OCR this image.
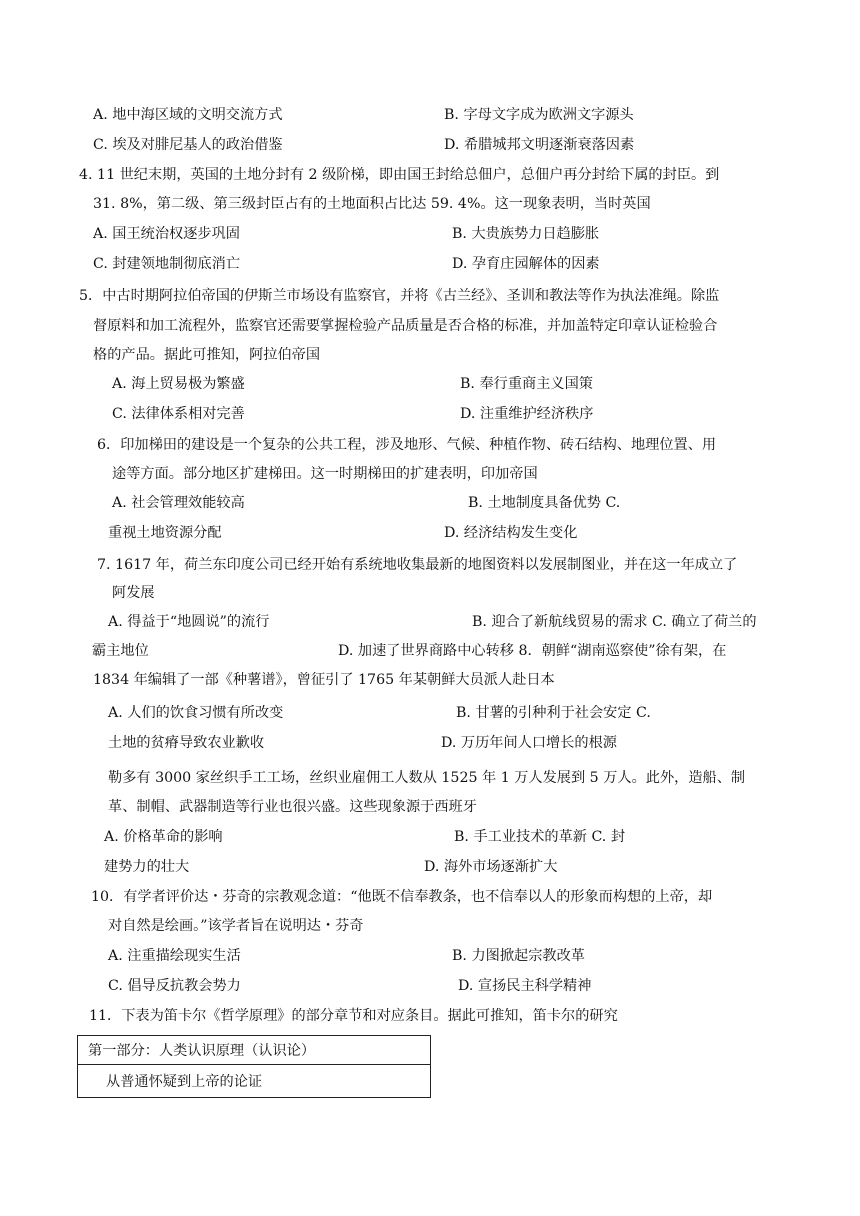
A. 地中海区域的文明交流方式	B. 字母文字成为欧洲文字源头
C. 埃及对腓尼基人的政治借鉴	D. 希腊城邦文明逐渐衰落因素
4. 11 世纪末期，英国的土地分封有 2 级阶梯，即由国王封给总佃户，总佃户再分封给下属的封臣。到
31. 8%，第二级、第三级封臣占有的土地面积占比达 59. 4%。这一现象表明，当时英国
A. 国王统治权逐步巩固	B. 大贵族势力日趋膨胀
C. 封建领地制彻底消亡	D. 孕育庄园解体的因素
5．中古时期阿拉伯帝国的伊斯兰市场设有监察官，并将《古兰经》、圣训和教法等作为执法准绳。除监
督原料和加工流程外，监察官还需要掌握检验产品质量是否合格的标准，并加盖特定印章认证检验合
格的产品。据此可推知，阿拉伯帝国
A. 海上贸易极为繁盛	B. 奉行重商主义国策
C. 法律体系相对完善	D. 注重维护经济秩序
6．印加梯田的建设是一个复杂的公共工程，涉及地形、气候、种植作物、砖石结构、地理位置、用
途等方面。部分地区扩建梯田。这一时期梯田的扩建表明，印加帝国
A. 社会管理效能较高	B. 土地制度具备优势 C.
重视土地资源分配	D. 经济结构发生变化
7. 1617 年，荷兰东印度公司已经开始有系统地收集最新的地图资料以发展制图业，并在这一年成立了
阿发展
A. 得益于“地圆说”的流行	B. 迎合了新航线贸易的需求 C. 确立了荷兰的
霸主地位	D. 加速了世界商路中心转移 8．朝鲜“湖南巡察使”徐有架，在
1834 年编辑了一部《种薯谱》，曾征引了 1765 年某朝鲜大员派人赴日本
A. 人们的饮食习惯有所改变	B. 甘薯的引种利于社会安定 C.
土地的贫瘠导致农业歉收	D. 万历年间人口增长的根源
勒多有 3000 家丝织手工工场，丝织业雇佣工人数从 1525 年 1 万人发展到 5 万人。此外，造船、制
革、制帽、武器制造等行业也很兴盛。这些现象源于西班牙
A. 价格革命的影响	B. 手工业技术的革新 C. 封
建势力的壮大	D. 海外市场逐渐扩大
10．有学者评价达・芬奇的宗教观念道：“他既不信奉教条，也不信奉以人的形象而构想的上帝，却
对自然是绘画。”该学者旨在说明达・芬奇
A. 注重描绘现实生活	B. 力图掀起宗教改革
C. 倡导反抗教会势力	D. 宣扬民主科学精神
11．下表为笛卡尔《哲学原理》的部分章节和对应条目。据此可推知，笛卡尔的研究
第一部分：人类认识原理（认识论）
从普通怀疑到上帝的论证
